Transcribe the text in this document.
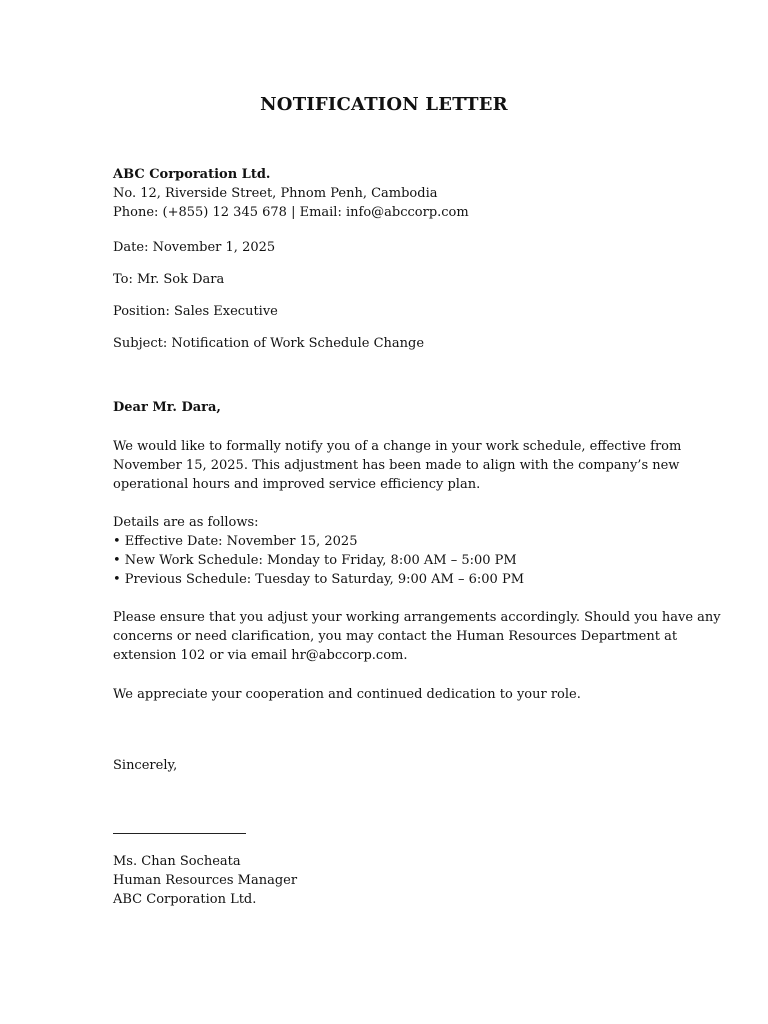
NOTIFICATION LETTER
ABC Corporation Ltd.
No. 12, Riverside Street, Phnom Penh, Cambodia
Phone: (+855) 12 345 678 | Email: info@abccorp.com
Date: November 1, 2025
To: Mr. Sok Dara
Position: Sales Executive
Subject: Notification of Work Schedule Change
Dear Mr. Dara,
We would like to formally notify you of a change in your work schedule, effective from
November 15, 2025. This adjustment has been made to align with the company’s new
operational hours and improved service efficiency plan.
Details are as follows:
• Effective Date: November 15, 2025
• New Work Schedule: Monday to Friday, 8:00 AM – 5:00 PM
• Previous Schedule: Tuesday to Saturday, 9:00 AM – 6:00 PM
Please ensure that you adjust your working arrangements accordingly. Should you have any
concerns or need clarification, you may contact the Human Resources Department at
extension 102 or via email hr@abccorp.com.
We appreciate your cooperation and continued dedication to your role.
Sincerely,
Ms. Chan Socheata
Human Resources Manager
ABC Corporation Ltd.
